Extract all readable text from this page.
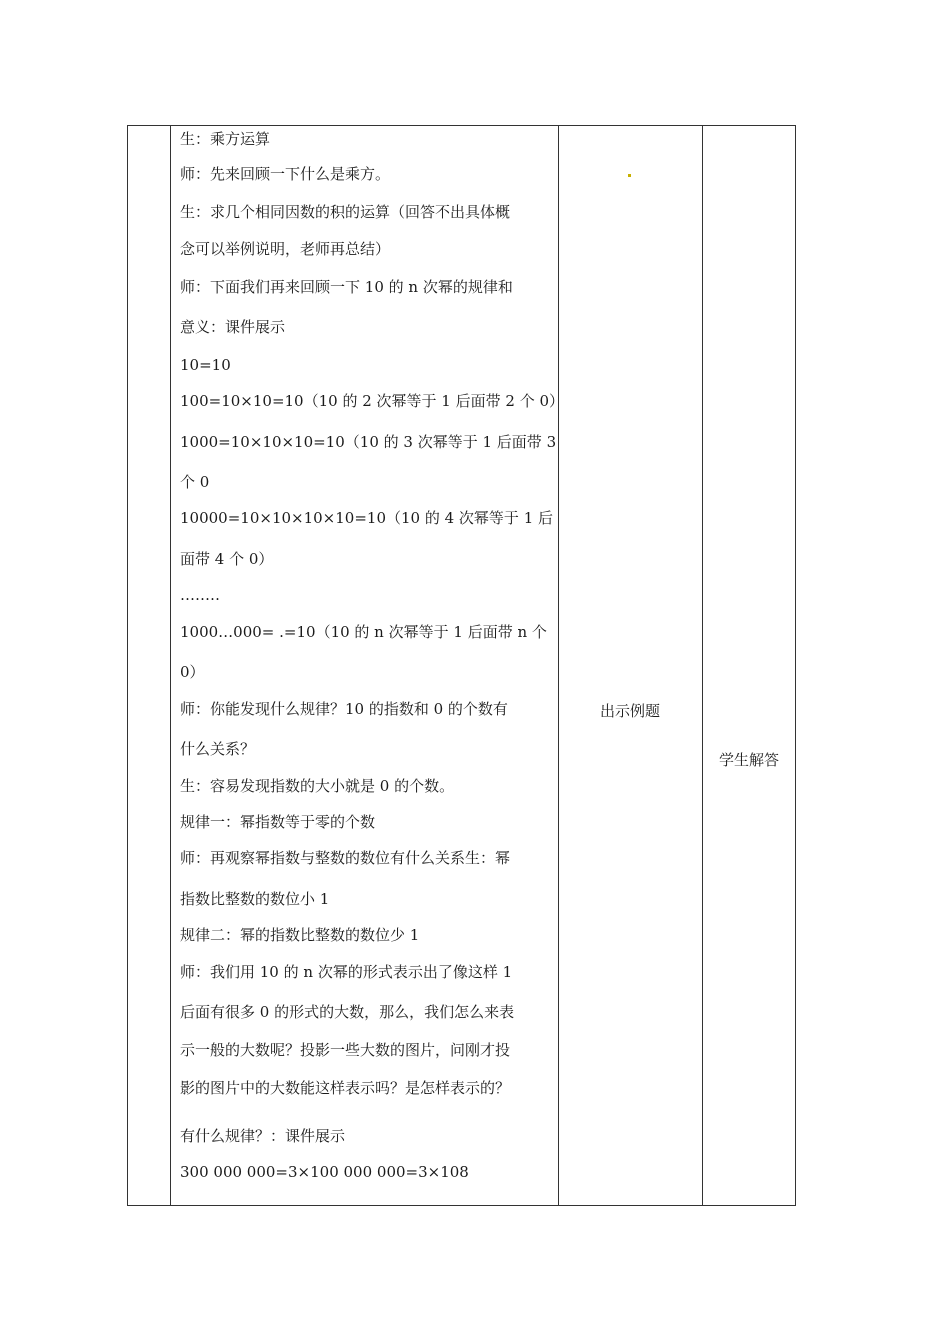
生：乘方运算
师：先来回顾一下什么是乘方。
生：求几个相同因数的积的运算（回答不出具体概
念可以举例说明，老师再总结）
师：下面我们再来回顾一下 10 的 n 次幂的规律和
意义：课件展示
10=10
100=10×10=10（10 的 2 次幂等于 1 后面带 2 个 0）
1000=10×10×10=10（10 的 3 次幂等于 1 后面带 3
个 0
10000=10×10×10×10=10（10 的 4 次幂等于 1 后
面带 4 个 0）
‥‥‥‥
1000…000= .=10（10 的 n 次幂等于 1 后面带 n 个
0）
师：你能发现什么规律？10 的指数和 0 的个数有
什么关系？
生：容易发现指数的大小就是 0 的个数。
规律一：幂指数等于零的个数
师：再观察幂指数与整数的数位有什么关系生：幂
指数比整数的数位小 1
规律二：幂的指数比整数的数位少 1
师：我们用 10 的 n 次幂的形式表示出了像这样 1
后面有很多 0 的形式的大数，那么，我们怎么来表
示一般的大数呢？投影一些大数的图片，问刚才投
影的图片中的大数能这样表示吗？是怎样表示的？
有什么规律？：课件展示
300 000 000=3×100 000 000=3×108
出示例题
学生解答
